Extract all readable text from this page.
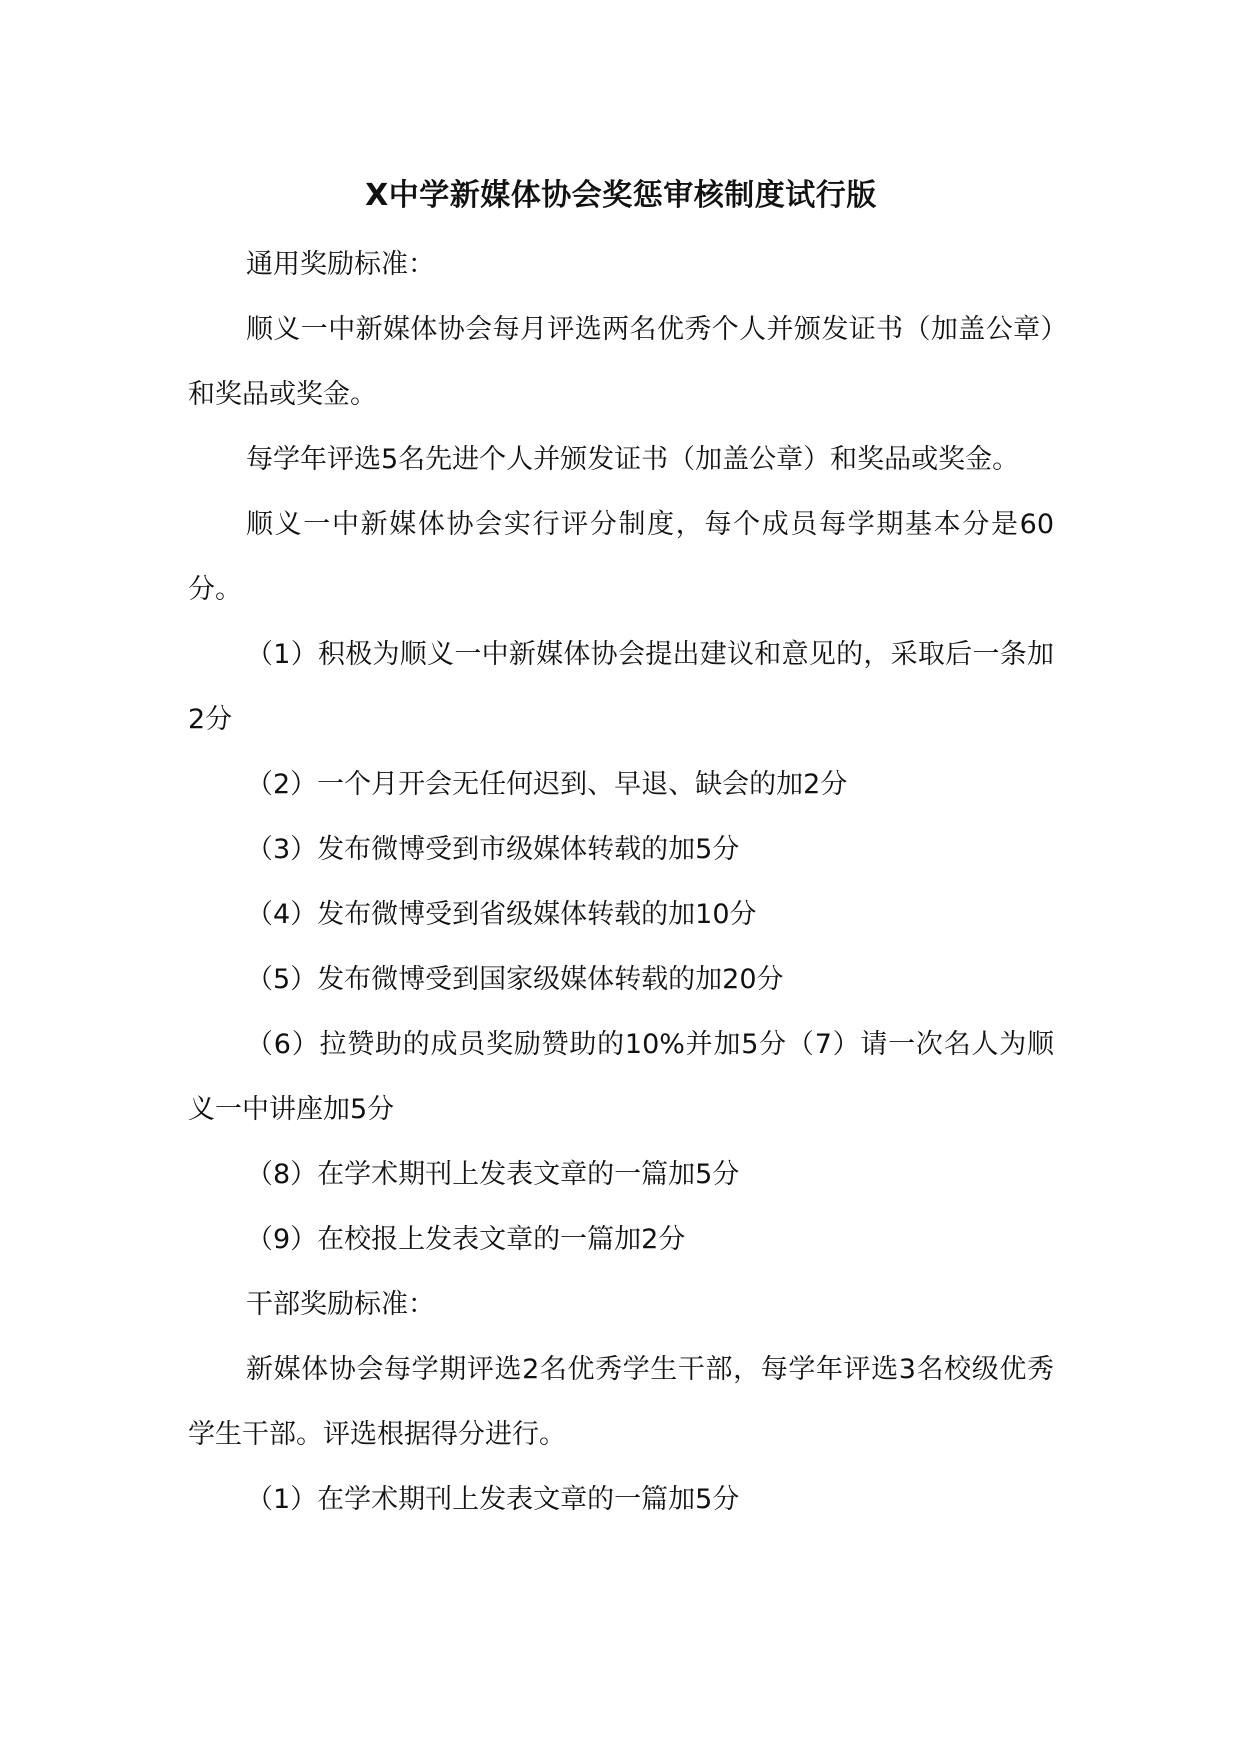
X中学新媒体协会奖惩审核制度试行版

通用奖励标准：

顺义一中新媒体协会每月评选两名优秀个人并颁发证书（加盖公章）和奖品或奖金。

每学年评选5名先进个人并颁发证书（加盖公章）和奖品或奖金。

顺义一中新媒体协会实行评分制度，每个成员每学期基本分是60分。

（1）积极为顺义一中新媒体协会提出建议和意见的，采取后一条加2分

（2）一个月开会无任何迟到、早退、缺会的加2分

（3）发布微博受到市级媒体转载的加5分

（4）发布微博受到省级媒体转载的加10分

（5）发布微博受到国家级媒体转载的加20分

（6）拉赞助的成员奖励赞助的10%并加5分（7）请一次名人为顺义一中讲座加5分

（8）在学术期刊上发表文章的一篇加5分

（9）在校报上发表文章的一篇加2分

干部奖励标准：

新媒体协会每学期评选2名优秀学生干部，每学年评选3名校级优秀学生干部。评选根据得分进行。

（1）在学术期刊上发表文章的一篇加5分
